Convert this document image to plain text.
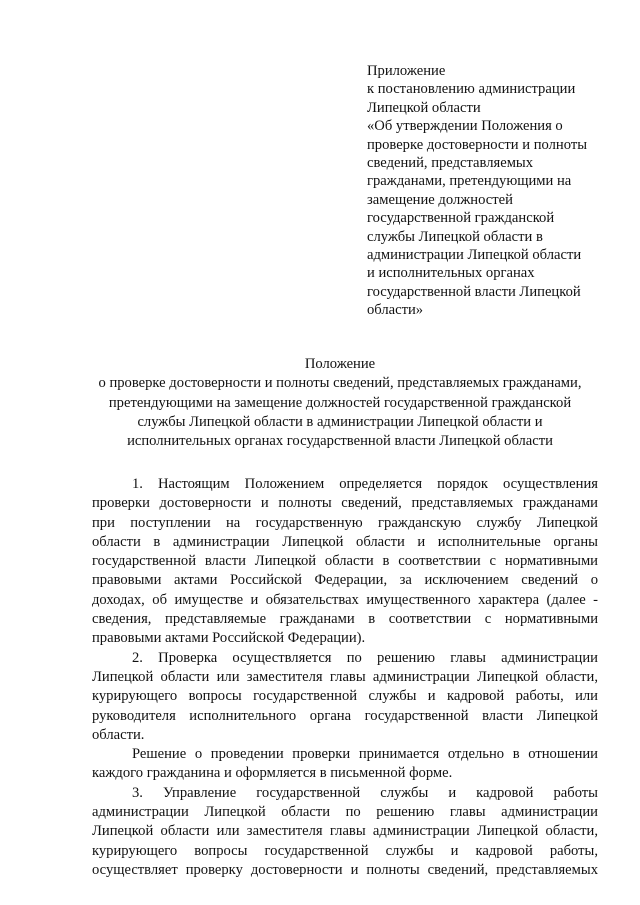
Приложение
к постановлению администрации
Липецкой области
«Об утверждении Положения о
проверке достоверности и полноты
сведений, представляемых
гражданами, претендующими на
замещение должностей
государственной гражданской
службы Липецкой области в
администрации Липецкой области
и исполнительных органах
государственной власти Липецкой
области»
Положение
о проверке достоверности и полноты сведений, представляемых гражданами,
претендующими на замещение должностей государственной гражданской
службы Липецкой области в администрации Липецкой области и
исполнительных органах государственной власти Липецкой области
1. Настоящим Положением определяется порядок осуществления
проверки достоверности и полноты сведений, представляемых гражданами
при поступлении на государственную гражданскую службу Липецкой
области в администрации Липецкой области и исполнительные органы
государственной власти Липецкой области в соответствии с нормативными
правовыми актами Российской Федерации, за исключением сведений о
доходах, об имуществе и обязательствах имущественного характера (далее -
сведения, представляемые гражданами в соответствии с нормативными
правовыми актами Российской Федерации).
2. Проверка осуществляется по решению главы администрации
Липецкой области или заместителя главы администрации Липецкой области,
курирующего вопросы государственной службы и кадровой работы, или
руководителя исполнительного органа государственной власти Липецкой
области.
Решение о проведении проверки принимается отдельно в отношении
каждого гражданина и оформляется в письменной форме.
3. Управление государственной службы и кадровой работы
администрации Липецкой области по решению главы администрации
Липецкой области или заместителя главы администрации Липецкой области,
курирующего вопросы государственной службы и кадровой работы,
осуществляет проверку достоверности и полноты сведений, представляемых
